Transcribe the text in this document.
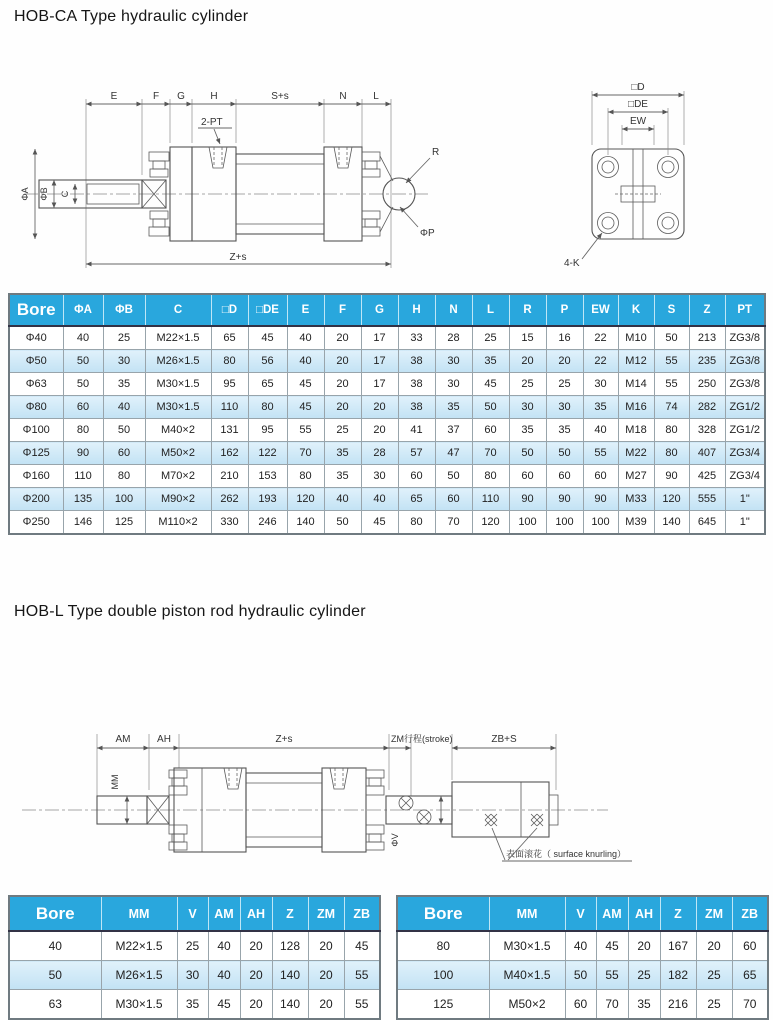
HOB-CA Type hydraulic cylinder
E	F G	H	S+s	N	L
2-PT
ΦA ΦB C
R
ΦP
Z+s
□D
□DE
EW
4-K
Bore	ΦA	ΦB	C	□D	□DE	E	F	G	H	N	L	R	P	EW	K	S	Z	PT
Φ40	40	25	M22×1.5	65	45	40	20	17	33	28	25	15	16	22	M10	50	213	ZG3/8
Φ50	50	30	M26×1.5	80	56	40	20	17	38	30	35	20	20	22	M12	55	235	ZG3/8
Φ63	50	35	M30×1.5	95	65	45	20	17	38	30	45	25	25	30	M14	55	250	ZG3/8
Φ80	60	40	M30×1.5	110	80	45	20	20	38	35	50	30	30	35	M16	74	282	ZG1/2
Φ100	80	50	M40×2	131	95	55	25	20	41	37	60	35	35	40	M18	80	328	ZG1/2
Φ125	90	60	M50×2	162	122	70	35	28	57	47	70	50	50	55	M22	80	407	ZG3/4
Φ160	110	80	M70×2	210	153	80	35	30	60	50	80	60	60	60	M27	90	425	ZG3/4
Φ200	135	100	M90×2	262	193	120	40	40	65	60	110	90	90	90	M33	120	555	1"
Φ250	146	125	M110×2	330	246	140	50	45	80	70	120	100	100	100	M39	140	645	1"
HOB-L Type double piston rod hydraulic cylinder
AM	AH	Z+s	ZM行程(stroke)	ZB+S
MM
ΦV
表面滚花（ surface knurling）
Bore	MM	V	AM	AH	Z	ZM	ZB
40	M22×1.5	25	40	20	128	20	45
50	M26×1.5	30	40	20	140	20	55
63	M30×1.5	35	45	20	140	20	55
Bore	MM	V	AM	AH	Z	ZM	ZB
80	M30×1.5	40	45	20	167	20	60
100	M40×1.5	50	55	25	182	25	65
125	M50×2	60	70	35	216	25	70
